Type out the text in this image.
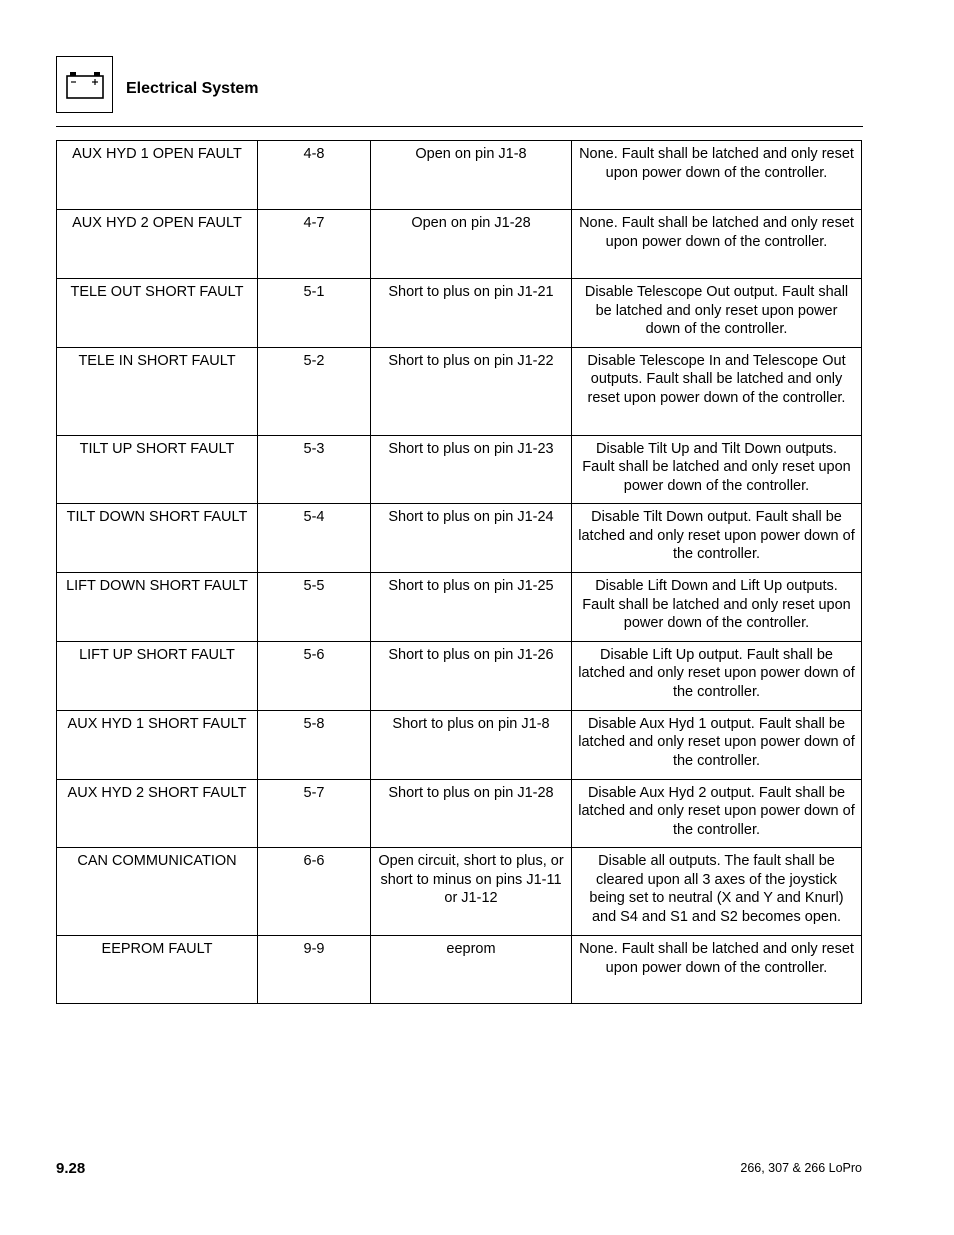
Electrical System
AUX HYD 1 OPEN FAULT	4-8	Open on pin J1-8	None. Fault shall be latched and only reset upon power down of the controller.
AUX HYD 2 OPEN FAULT	4-7	Open on pin J1-28	None. Fault shall be latched and only reset upon power down of the controller.
TELE OUT SHORT FAULT	5-1	Short to plus on pin J1-21	Disable Telescope Out output. Fault shall be latched and only reset upon power down of the controller.
TELE IN SHORT FAULT	5-2	Short to plus on pin J1-22	Disable Telescope In and Telescope Out outputs. Fault shall be latched and only reset upon power down of the controller.
TILT UP SHORT FAULT	5-3	Short to plus on pin J1-23	Disable Tilt Up and Tilt Down outputs. Fault shall be latched and only reset upon power down of the controller.
TILT DOWN SHORT FAULT	5-4	Short to plus on pin J1-24	Disable Tilt Down output. Fault shall be latched and only reset upon power down of the controller.
LIFT DOWN SHORT FAULT	5-5	Short to plus on pin J1-25	Disable Lift Down and Lift Up outputs. Fault shall be latched and only reset upon power down of the controller.
LIFT UP SHORT FAULT	5-6	Short to plus on pin J1-26	Disable Lift Up output. Fault shall be latched and only reset upon power down of the controller.
AUX HYD 1 SHORT FAULT	5-8	Short to plus on pin J1-8	Disable Aux Hyd 1 output. Fault shall be latched and only reset upon power down of the controller.
AUX HYD 2 SHORT FAULT	5-7	Short to plus on pin J1-28	Disable Aux Hyd 2 output. Fault shall be latched and only reset upon power down of the controller.
CAN COMMUNICATION	6-6	Open circuit, short to plus, or short to minus on pins J1-11 or J1-12	Disable all outputs. The fault shall be cleared upon all 3 axes of the joystick being set to neutral (X and Y and Knurl) and S4 and S1 and S2 becomes open.
EEPROM FAULT	9-9	eeprom	None. Fault shall be latched and only reset upon power down of the controller.
9.28	266, 307 & 266 LoPro
